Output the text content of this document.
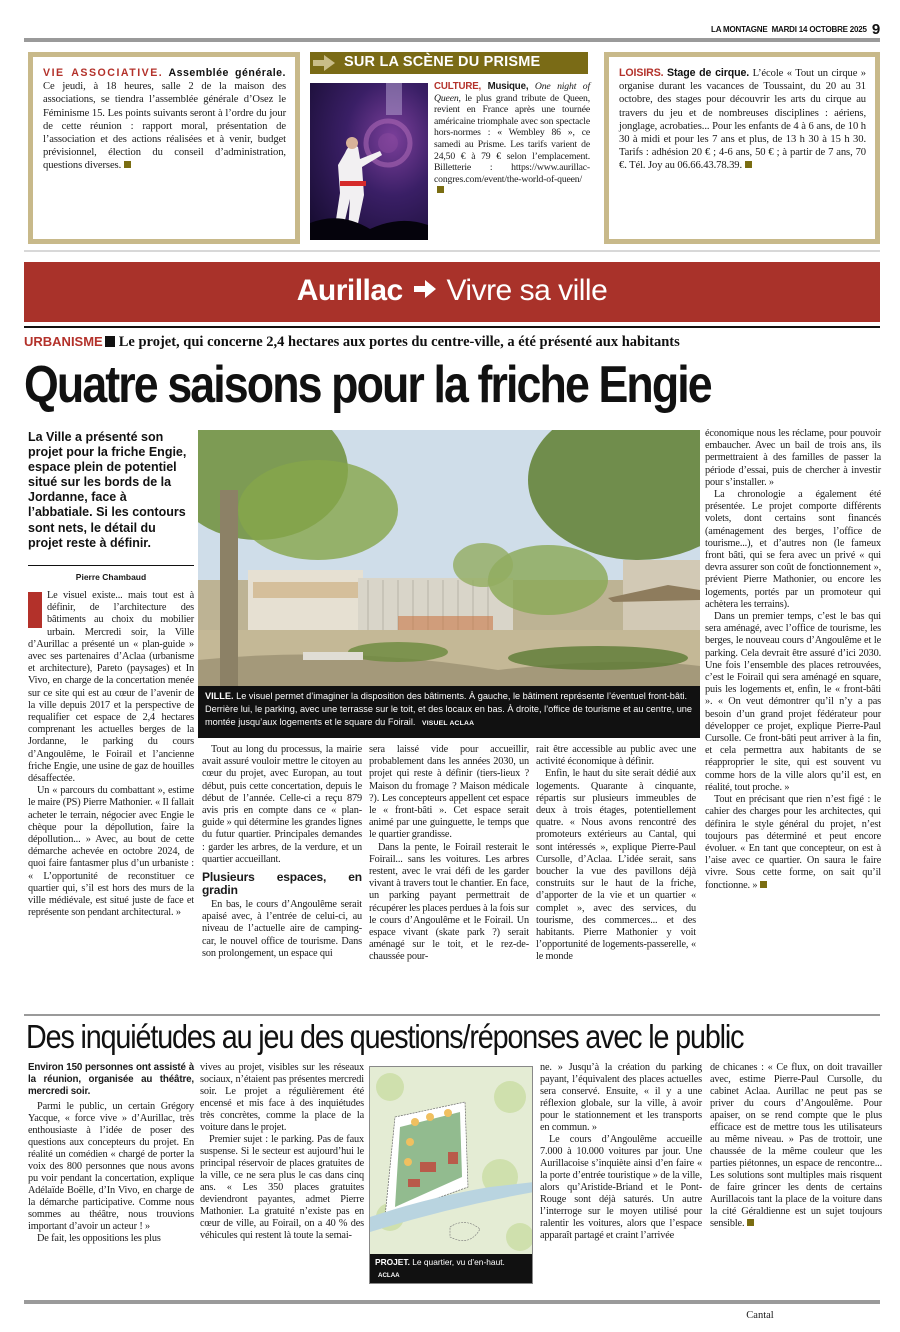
LA MONTAGNE MARDI 14 OCTOBRE 2025 9
VIE ASSOCIATIVE. Assemblée générale. Ce jeudi, à 18 heures, salle 2 de la maison des associations, se tiendra l’assemblée générale d’Osez le Féminisme 15. Les points suivants seront à l’ordre du jour de cette réunion : rapport moral, présentation de l’association et des actions réalisées et à venir, budget prévisionnel, élection du conseil d’administration, questions diverses.
SUR LA SCÈNE DU PRISME
CULTURE, Musique, One night of Queen, le plus grand tribute de Queen, revient en France après une tournée américaine triomphale avec son spectacle hors-normes : « Wembley 86 », ce samedi au Prisme. Les tarifs varient de 24,50 € à 79 € selon l’emplacement. Billetterie : https://www.aurillac-congres.com/event/the-world-of-queen/
LOISIRS. Stage de cirque. L’école « Tout un cirque » organise durant les vacances de Toussaint, du 20 au 31 octobre, des stages pour découvrir les arts du cirque au travers du jeu et de nombreuses disciplines : aériens, jonglage, acrobaties... Pour les enfants de 4 à 6 ans, de 10 h 30 à midi et pour les 7 ans et plus, de 13 h 30 à 15 h 30. Tarifs : adhésion 20 € ; 4-6 ans, 50 € ; à partir de 7 ans, 70 €. Tél. Joy au 06.66.43.78.39.
Aurillac Vivre sa ville
URBANISME Le projet, qui concerne 2,4 hectares aux portes du centre-ville, a été présenté aux habitants
Quatre saisons pour la friche Engie
La Ville a présenté son projet pour la friche Engie, espace plein de potentiel situé sur les bords de la Jordanne, face à l’abbatiale. Si les contours sont nets, le détail du projet reste à définir.
Pierre Chambaud

Le visuel existe... mais tout est à définir, de l’architecture des bâtiments au choix du mobilier urbain. Mercredi soir, la Ville d’Aurillac a présenté un « plan-guide » avec ses partenaires d’Aclaa (urbanisme et architecture), Pareto (paysages) et In Vivo, en charge de la concertation menée sur ce site qui est au cœur de l’avenir de la ville depuis 2017 et la perspective de requalifier cet espace de 2,4 hectares comprenant les actuelles berges de la Jordanne, le parking du cours d’Angoulême, le Foirail et l’ancienne friche Engie, une usine de gaz de houilles désaffectée.

Un « parcours du combattant », estime le maire (PS) Pierre Mathonier. « Il fallait acheter le terrain, négocier avec Engie le chèque pour la dépollution, faire la dépollution... » Avec, au bout de cette démarche achevée en octobre 2024, de quoi faire fantasmer plus d’un urbaniste : « L’opportunité de reconstituer ce quartier qui, s’il est hors des murs de la ville médiévale, est situé juste de face et représente son pendant architectural. »

VILLE. Le visuel permet d’imaginer la disposition des bâtiments. À gauche, le bâtiment représente l’éventuel front-bâti. Derrière lui, le parking, avec une terrasse sur le toit, et des locaux en bas. À droite, l’office de tourisme et au centre, une montée jusqu’aux logements et le square du Foirail. VISUEL ACLAA

Tout au long du processus, la mairie avait assuré vouloir mettre le citoyen au cœur du projet, avec Europan, au tout début, puis cette concertation, depuis le début de l’année. Celle-ci a reçu 879 avis pris en compte dans ce « plan-guide » qui détermine les grandes lignes du futur quartier. Principales demandes : garder les arbres, de la verdure, et un quartier accueillant.

Plusieurs espaces, en gradin

En bas, le cours d’Angoulême serait apaisé avec, à l’entrée de celui-ci, au niveau de l’actuelle aire de camping-car, le nouvel office de tourisme. Dans son prolongement, un espace qui

sera laissé vide pour accueillir, probablement dans les années 2030, un projet qui reste à définir (tiers-lieux ? Maison du fromage ? Maison médicale ?). Les concepteurs appellent cet espace le « front-bâti ». Cet espace serait animé par une guinguette, le temps que le quartier grandisse.

Dans la pente, le Foirail resterait le Foirail... sans les voitures. Les arbres restent, avec le vrai défi de les garder vivant à travers tout le chantier. En face, un parking payant permettrait de récupérer les places perdues à la fois sur le cours d’Angoulême et le Foirail. Un espace vivant (skate park ?) serait aménagé sur le toit, et le rez-de-chaussée pour-

rait être accessible au public avec une activité économique à définir.

Enfin, le haut du site serait dédié aux logements. Quarante à cinquante, répartis sur plusieurs immeubles de deux à trois étages, potentiellement quatre. « Nous avons rencontré des promoteurs extérieurs au Cantal, qui sont intéressés », explique Pierre-Paul Cursolle, d’Aclaa. L’idée serait, sans boucher la vue des pavillons déjà construits sur le haut de la friche, d’apporter de la vie et un quartier « complet », avec des services, du tourisme, des commerces... et des habitants. Pierre Mathonier y voit l’opportunité de logements-passerelle, « le monde

économique nous les réclame, pour pouvoir embaucher. Avec un bail de trois ans, ils permettraient à des familles de passer la période d’essai, puis de chercher à investir pour s’installer. »

La chronologie a également été présentée. Le projet comporte différents volets, dont certains sont financés (aménagement des berges, l’office de tourisme...), et d’autres non (le fameux front bâti, qui se fera avec un privé « qui devra assurer son coût de fonctionnement », prévient Pierre Mathonier, ou encore les logements, portés par un promoteur qui achètera les terrains).

Dans un premier temps, c’est le bas qui sera aménagé, avec l’office de tourisme, les berges, le nouveau cours d’Angoulême et le parking. Cela devrait être assuré d’ici 2030. Une fois l’ensemble des places retrouvées, c’est le Foirail qui sera aménagé en square, puis les logements et, enfin, le « front-bâti ». « On veut démontrer qu’il n’y a pas besoin d’un grand projet fédérateur pour développer ce projet, explique Pierre-Paul Cursolle. Ce front-bâti peut arriver à la fin, et cela permettra aux habitants de se réapproprier le site, qui est souvent vu comme hors de la ville alors qu’il est, en réalité, tout proche. »

Tout en précisant que rien n’est figé : le cahier des charges pour les architectes, qui définira le style général du projet, n’est toujours pas déterminé et peut encore évoluer. « En tant que concepteur, on est à l’aise avec ce quartier. On saura le faire vivre. Sous cette forme, on sait qu’il fonctionne. »

Des inquiétudes au jeu des questions/réponses avec le public

Environ 150 personnes ont assisté à la réunion, organisée au théâtre, mercredi soir.

Parmi le public, un certain Grégory Yacque, « force vive » d’Aurillac, très enthousiaste à l’idée de poser des questions aux concepteurs du projet. En réalité un comédien « chargé de porter la voix des 800 personnes que nous avons pu voir pendant la concertation, explique Adélaïde Boëlle, d’In Vivo, en charge de la démarche participative. Comme nous sommes au théâtre, nous trouvions important d’avoir un acteur ! »

De fait, les oppositions les plus

vives au projet, visibles sur les réseaux sociaux, n’étaient pas présentes mercredi soir. Le projet a régulièrement été encensé et mis face à des inquiétudes très concrètes, comme la place de la voiture dans le projet.

Premier sujet : le parking. Pas de faux suspense. Si le secteur est aujourd’hui le principal réservoir de places gratuites de la ville, ce ne sera plus le cas dans cinq ans. « Les 350 places gratuites deviendront payantes, admet Pierre Mathonier. La gratuité n’existe pas en cœur de ville, au Foirail, on a 40 % des véhicules qui restent là toute la semai-

PROJET. Le quartier, vu d’en-haut. ACLAA

ne. » Jusqu’à la création du parking payant, l’équivalent des places actuelles sera conservé. Ensuite, « il y a une réflexion globale, sur la ville, à avoir pour le stationnement et les transports en commun. »

Le cours d’Angoulême accueille 7.000 à 10.000 voitures par jour. Une Aurillacoise s’inquiète ainsi d’en faire « la porte d’entrée touristique » de la ville, alors qu’Aristide-Briand et le Pont-Rouge sont déjà saturés. Un autre l’interroge sur le moyen utilisé pour ralentir les voitures, alors que l’espace apparaît partagé et craint l’arrivée

de chicanes : « Ce flux, on doit travailler avec, estime Pierre-Paul Cursolle, du cabinet Aclaa. Aurillac ne peut pas se priver du cours d’Angoulême. Pour apaiser, on se rend compte que le plus efficace est de mettre tous les utilisateurs au même niveau. » Pas de trottoir, une chaussée de la même couleur que les parties piétonnes, un espace de rencontre... Les solutions sont multiples mais risquent de faire grincer les dents de certains Aurillacois tant la place de la voiture dans la cité Géraldienne est un sujet toujours sensible.

Cantal
